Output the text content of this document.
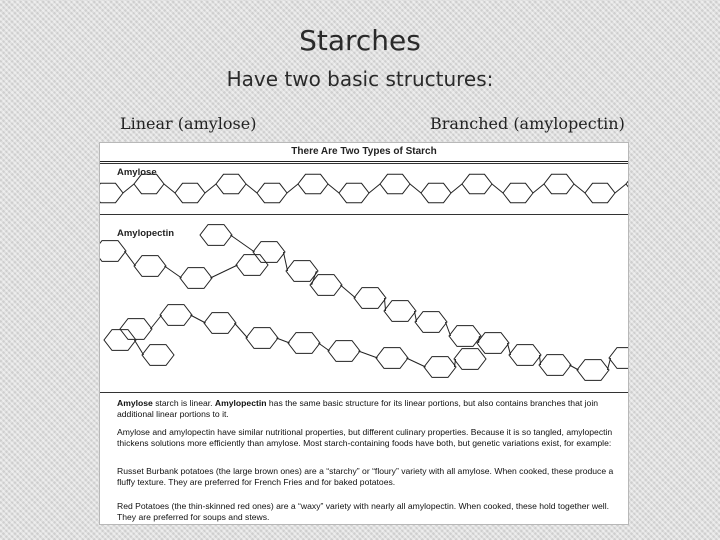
Starches
Have two basic structures:
Linear (amylose)	Branched (amylopectin)
There Are Two Types of Starch
Amylose
Amylopectin
Amylose starch is linear. Amylopectin has the same basic structure for its linear portions, but also contains branches that join additional linear portions to it.
Amylose and amylopectin have similar nutritional properties, but different culinary properties. Because it is so tangled, amylopectin thickens solutions more efficiently than amylose. Most starch-containing foods have both, but genetic variations exist, for example:
Russet Burbank potatoes (the large brown ones) are a “starchy” or “floury” variety with all amylose. When cooked, these produce a fluffy texture. They are preferred for French Fries and for baked potatoes.
Red Potatoes (the thin-skinned red ones) are a “waxy” variety with nearly all amylopectin. When cooked, these hold together well. They are preferred for soups and stews.
